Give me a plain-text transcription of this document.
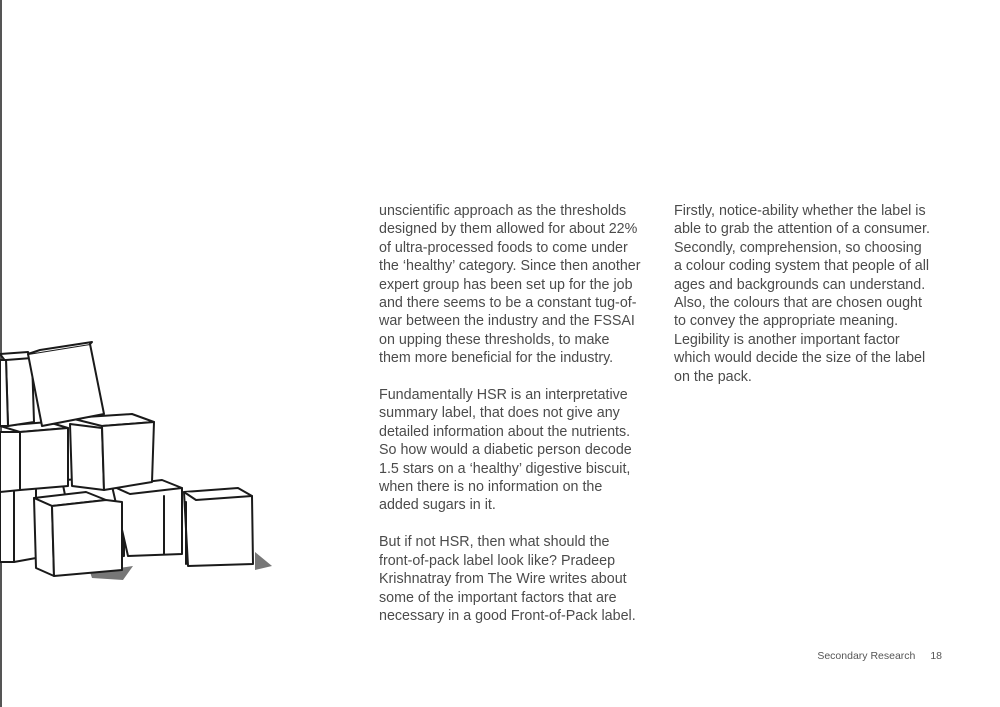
unscientific approach as the thresholds
designed by them allowed for about 22%
of ultra-processed foods to come under
the ‘healthy’ category. Since then another
expert group has been set up for the job
and there seems to be a constant tug-of-
war between the industry and the FSSAI
on upping these thresholds, to make
them more beneficial for the industry.

Fundamentally HSR is an interpretative
summary label, that does not give any
detailed information about the nutrients.
So how would a diabetic person decode
1.5 stars on a ‘healthy’ digestive biscuit,
when there is no information on the
added sugars in it.

But if not HSR, then what should the
front-of-pack label look like? Pradeep
Krishnatray from The Wire writes about
some of the important factors that are
necessary in a good Front-of-Pack label.

Firstly, notice-ability whether the label is
able to grab the attention of a consumer.
Secondly, comprehension, so choosing
a colour coding system that people of all
ages and backgrounds can understand.
Also, the colours that are chosen ought
to convey the appropriate meaning.
Legibility is another important factor
which would decide the size of the label
on the pack.

Secondary Research 18
